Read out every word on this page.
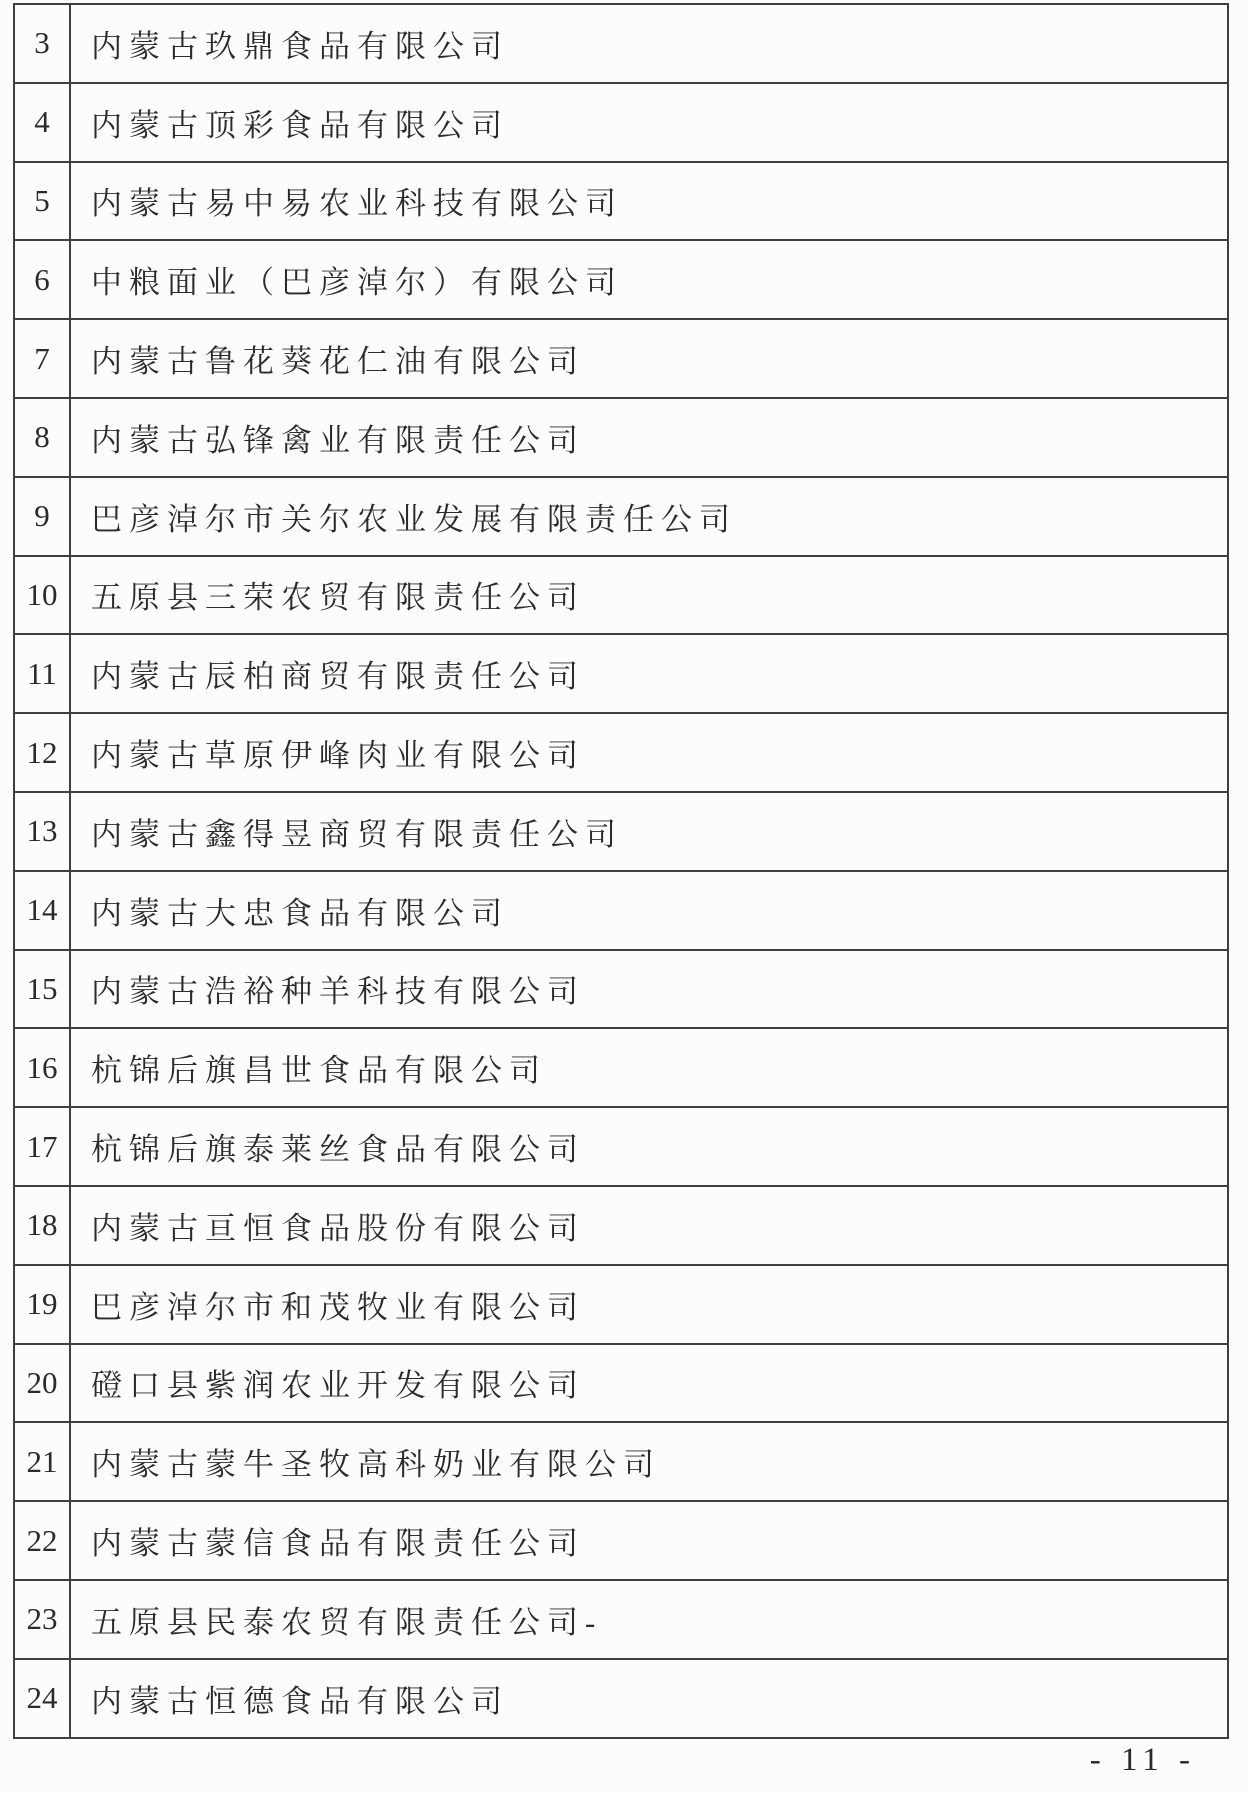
3	内蒙古玖鼎食品有限公司
4	内蒙古顶彩食品有限公司
5	内蒙古易中易农业科技有限公司
6	中粮面业（巴彦淖尔）有限公司
7	内蒙古鲁花葵花仁油有限公司
8	内蒙古弘锋禽业有限责任公司
9	巴彦淖尔市关尔农业发展有限责任公司
10	五原县三荣农贸有限责任公司
11	内蒙古辰柏商贸有限责任公司
12	内蒙古草原伊峰肉业有限公司
13	内蒙古鑫得昱商贸有限责任公司
14	内蒙古大忠食品有限公司
15	内蒙古浩裕种羊科技有限公司
16	杭锦后旗昌世食品有限公司
17	杭锦后旗泰莱丝食品有限公司
18	内蒙古亘恒食品股份有限公司
19	巴彦淖尔市和茂牧业有限公司
20	磴口县紫润农业开发有限公司
21	内蒙古蒙牛圣牧高科奶业有限公司
22	内蒙古蒙信食品有限责任公司
23	五原县民泰农贸有限责任公司-
24	内蒙古恒德食品有限公司
- 11 -
